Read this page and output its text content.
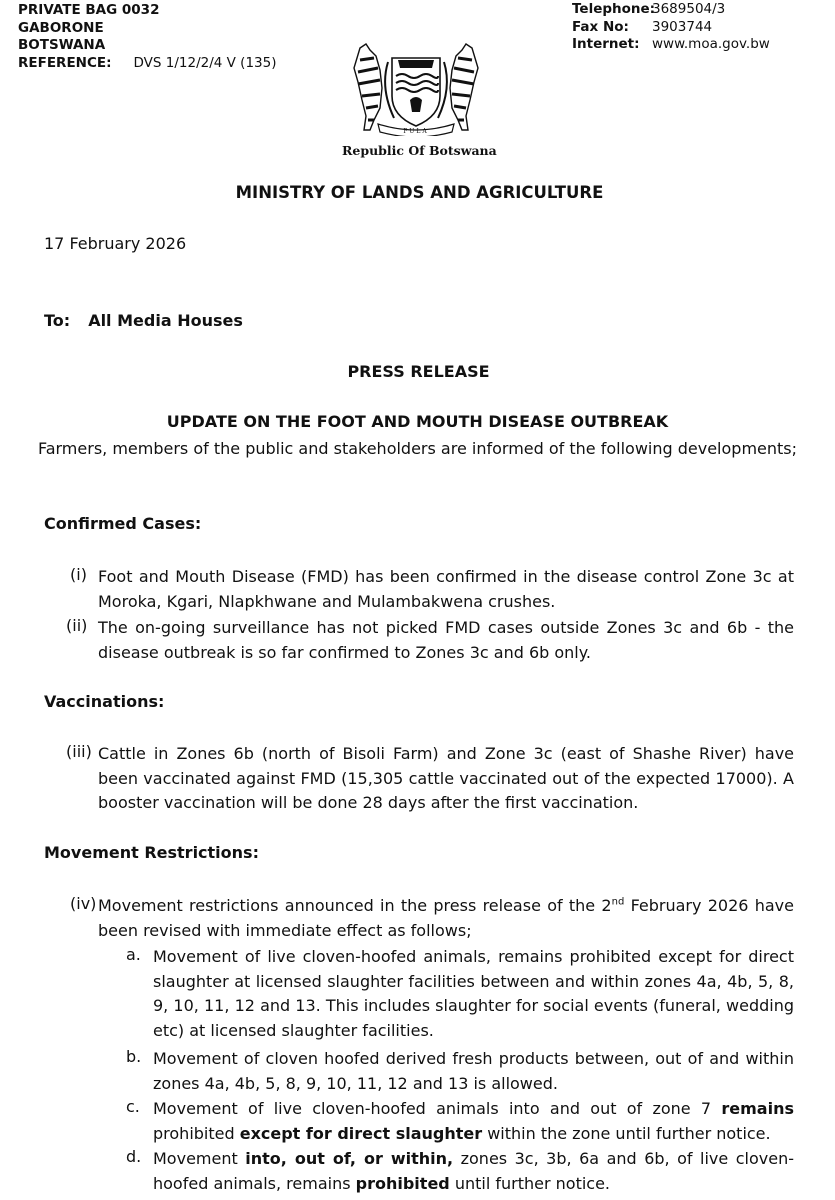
PRIVATE BAG 0032
GABORONE
BOTSWANA
REFERENCE: DVS 1/12/2/4 V (135)
Telephone:3689504/3
Fax No: 3903744
Internet: www.moa.gov.bw
PULA
Republic Of Botswana
MINISTRY OF LANDS AND AGRICULTURE
17 February 2026
To: All Media Houses
PRESS RELEASE
UPDATE ON THE FOOT AND MOUTH DISEASE OUTBREAK
Farmers, members of the public and stakeholders are informed of the following developments;
Confirmed Cases:
(i) Foot and Mouth Disease (FMD) has been confirmed in the disease control Zone 3c at Moroka, Kgari, Nlapkhwane and Mulambakwena crushes.
(ii) The on-going surveillance has not picked FMD cases outside Zones 3c and 6b - the disease outbreak is so far confirmed to Zones 3c and 6b only.
Vaccinations:
(iii) Cattle in Zones 6b (north of Bisoli Farm) and Zone 3c (east of Shashe River) have been vaccinated against FMD (15,305 cattle vaccinated out of the expected 17000). A booster vaccination will be done 28 days after the first vaccination.
Movement Restrictions:
(iv) Movement restrictions announced in the press release of the 2nd February 2026 have been revised with immediate effect as follows;
a. Movement of live cloven-hoofed animals, remains prohibited except for direct slaughter at licensed slaughter facilities between and within zones 4a, 4b, 5, 8, 9, 10, 11, 12 and 13. This includes slaughter for social events (funeral, wedding etc) at licensed slaughter facilities.
b. Movement of cloven hoofed derived fresh products between, out of and within zones 4a, 4b, 5, 8, 9, 10, 11, 12 and 13 is allowed.
c. Movement of live cloven-hoofed animals into and out of zone 7 remains prohibited except for direct slaughter within the zone until further notice.
d. Movement into, out of, or within, zones 3c, 3b, 6a and 6b, of live cloven-hoofed animals, remains prohibited until further notice.
